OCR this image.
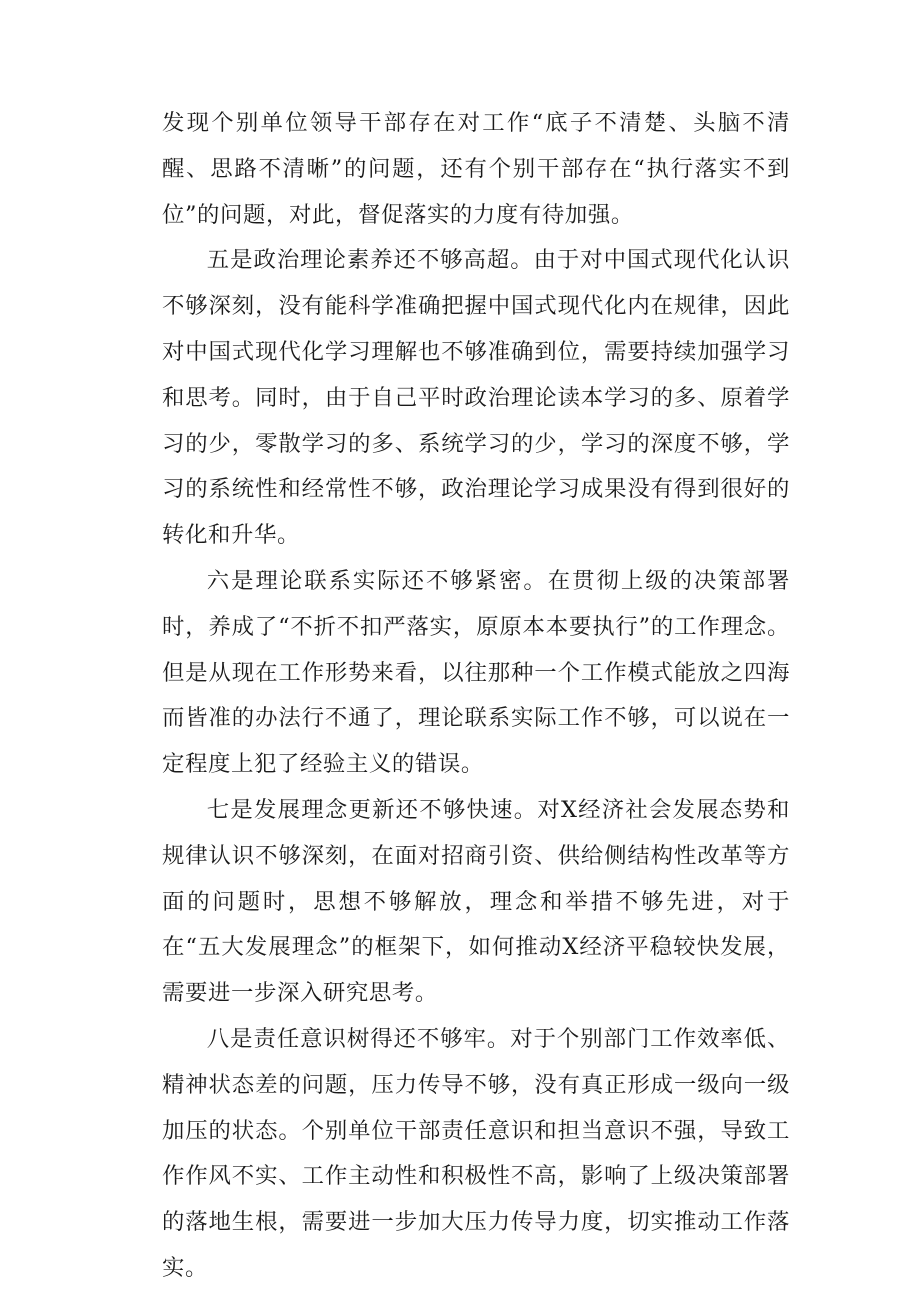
发现个别单位领导干部存在对工作“底子不清楚、头脑不清醒、思路不清晰”的问题，还有个别干部存在“执行落实不到位”的问题，对此，督促落实的力度有待加强。

五是政治理论素养还不够高超。由于对中国式现代化认识不够深刻，没有能科学准确把握中国式现代化内在规律，因此对中国式现代化学习理解也不够准确到位，需要持续加强学习和思考。同时，由于自己平时政治理论读本学习的多、原着学习的少，零散学习的多、系统学习的少，学习的深度不够，学习的系统性和经常性不够，政治理论学习成果没有得到很好的转化和升华。

六是理论联系实际还不够紧密。在贯彻上级的决策部署时，养成了“不折不扣严落实，原原本本要执行”的工作理念。但是从现在工作形势来看，以往那种一个工作模式能放之四海而皆准的办法行不通了，理论联系实际工作不够，可以说在一定程度上犯了经验主义的错误。

七是发展理念更新还不够快速。对X经济社会发展态势和规律认识不够深刻，在面对招商引资、供给侧结构性改革等方面的问题时，思想不够解放，理念和举措不够先进，对于在“五大发展理念”的框架下，如何推动X经济平稳较快发展，需要进一步深入研究思考。

八是责任意识树得还不够牢。对于个别部门工作效率低、精神状态差的问题，压力传导不够，没有真正形成一级向一级加压的状态。个别单位干部责任意识和担当意识不强，导致工作作风不实、工作主动性和积极性不高，影响了上级决策部署的落地生根，需要进一步加大压力传导力度，切实推动工作落实。
